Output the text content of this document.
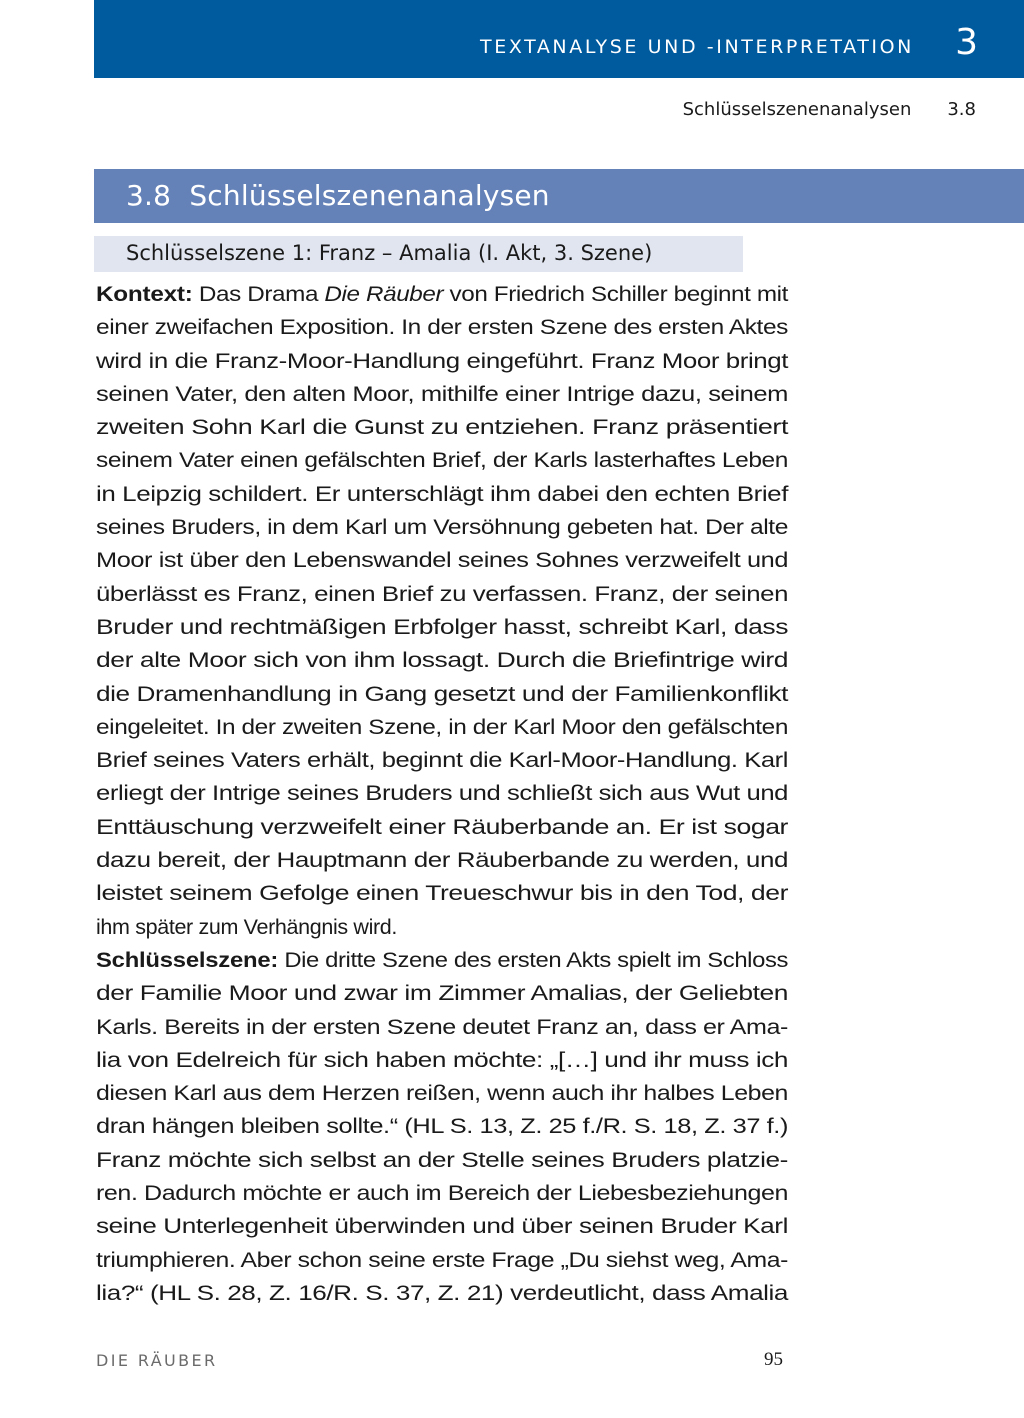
TEXTANALYSE UND -INTERPRETATION 3
Schlüsselszenenanalysen 3.8
3.8  Schlüsselszenenanalysen
Schlüsselszene 1: Franz – Amalia (I. Akt, 3. Szene)
Kontext: Das Drama Die Räuber von Friedrich Schiller beginnt mit
einer zweifachen Exposition. In der ersten Szene des ersten Aktes
wird in die Franz-Moor-Handlung eingeführt. Franz Moor bringt
seinen Vater, den alten Moor, mithilfe einer Intrige dazu, seinem
zweiten Sohn Karl die Gunst zu entziehen. Franz präsentiert
seinem Vater einen gefälschten Brief, der Karls lasterhaftes Leben
in Leipzig schildert. Er unterschlägt ihm dabei den echten Brief
seines Bruders, in dem Karl um Versöhnung gebeten hat. Der alte
Moor ist über den Lebenswandel seines Sohnes verzweifelt und
überlässt es Franz, einen Brief zu verfassen. Franz, der seinen
Bruder und rechtmäßigen Erbfolger hasst, schreibt Karl, dass
der alte Moor sich von ihm lossagt. Durch die Briefintrige wird
die Dramenhandlung in Gang gesetzt und der Familienkonflikt
eingeleitet. In der zweiten Szene, in der Karl Moor den gefälschten
Brief seines Vaters erhält, beginnt die Karl-Moor-Handlung. Karl
erliegt der Intrige seines Bruders und schließt sich aus Wut und
Enttäuschung verzweifelt einer Räuberbande an. Er ist sogar
dazu bereit, der Hauptmann der Räuberbande zu werden, und
leistet seinem Gefolge einen Treueschwur bis in den Tod, der
ihm später zum Verhängnis wird.
Schlüsselszene: Die dritte Szene des ersten Akts spielt im Schloss
der Familie Moor und zwar im Zimmer Amalias, der Geliebten
Karls. Bereits in der ersten Szene deutet Franz an, dass er Ama-
lia von Edelreich für sich haben möchte: „[…] und ihr muss ich
diesen Karl aus dem Herzen reißen, wenn auch ihr halbes Leben
dran hängen bleiben sollte.“ (HL S. 13, Z. 25 f./R. S. 18, Z. 37 f.)
Franz möchte sich selbst an der Stelle seines Bruders platzie-
ren. Dadurch möchte er auch im Bereich der Liebesbeziehungen
seine Unterlegenheit überwinden und über seinen Bruder Karl
triumphieren. Aber schon seine erste Frage „Du siehst weg, Ama-
lia?“ (HL S. 28, Z. 16/R. S. 37, Z. 21) verdeutlicht, dass Amalia
DIE RÄUBER	95
